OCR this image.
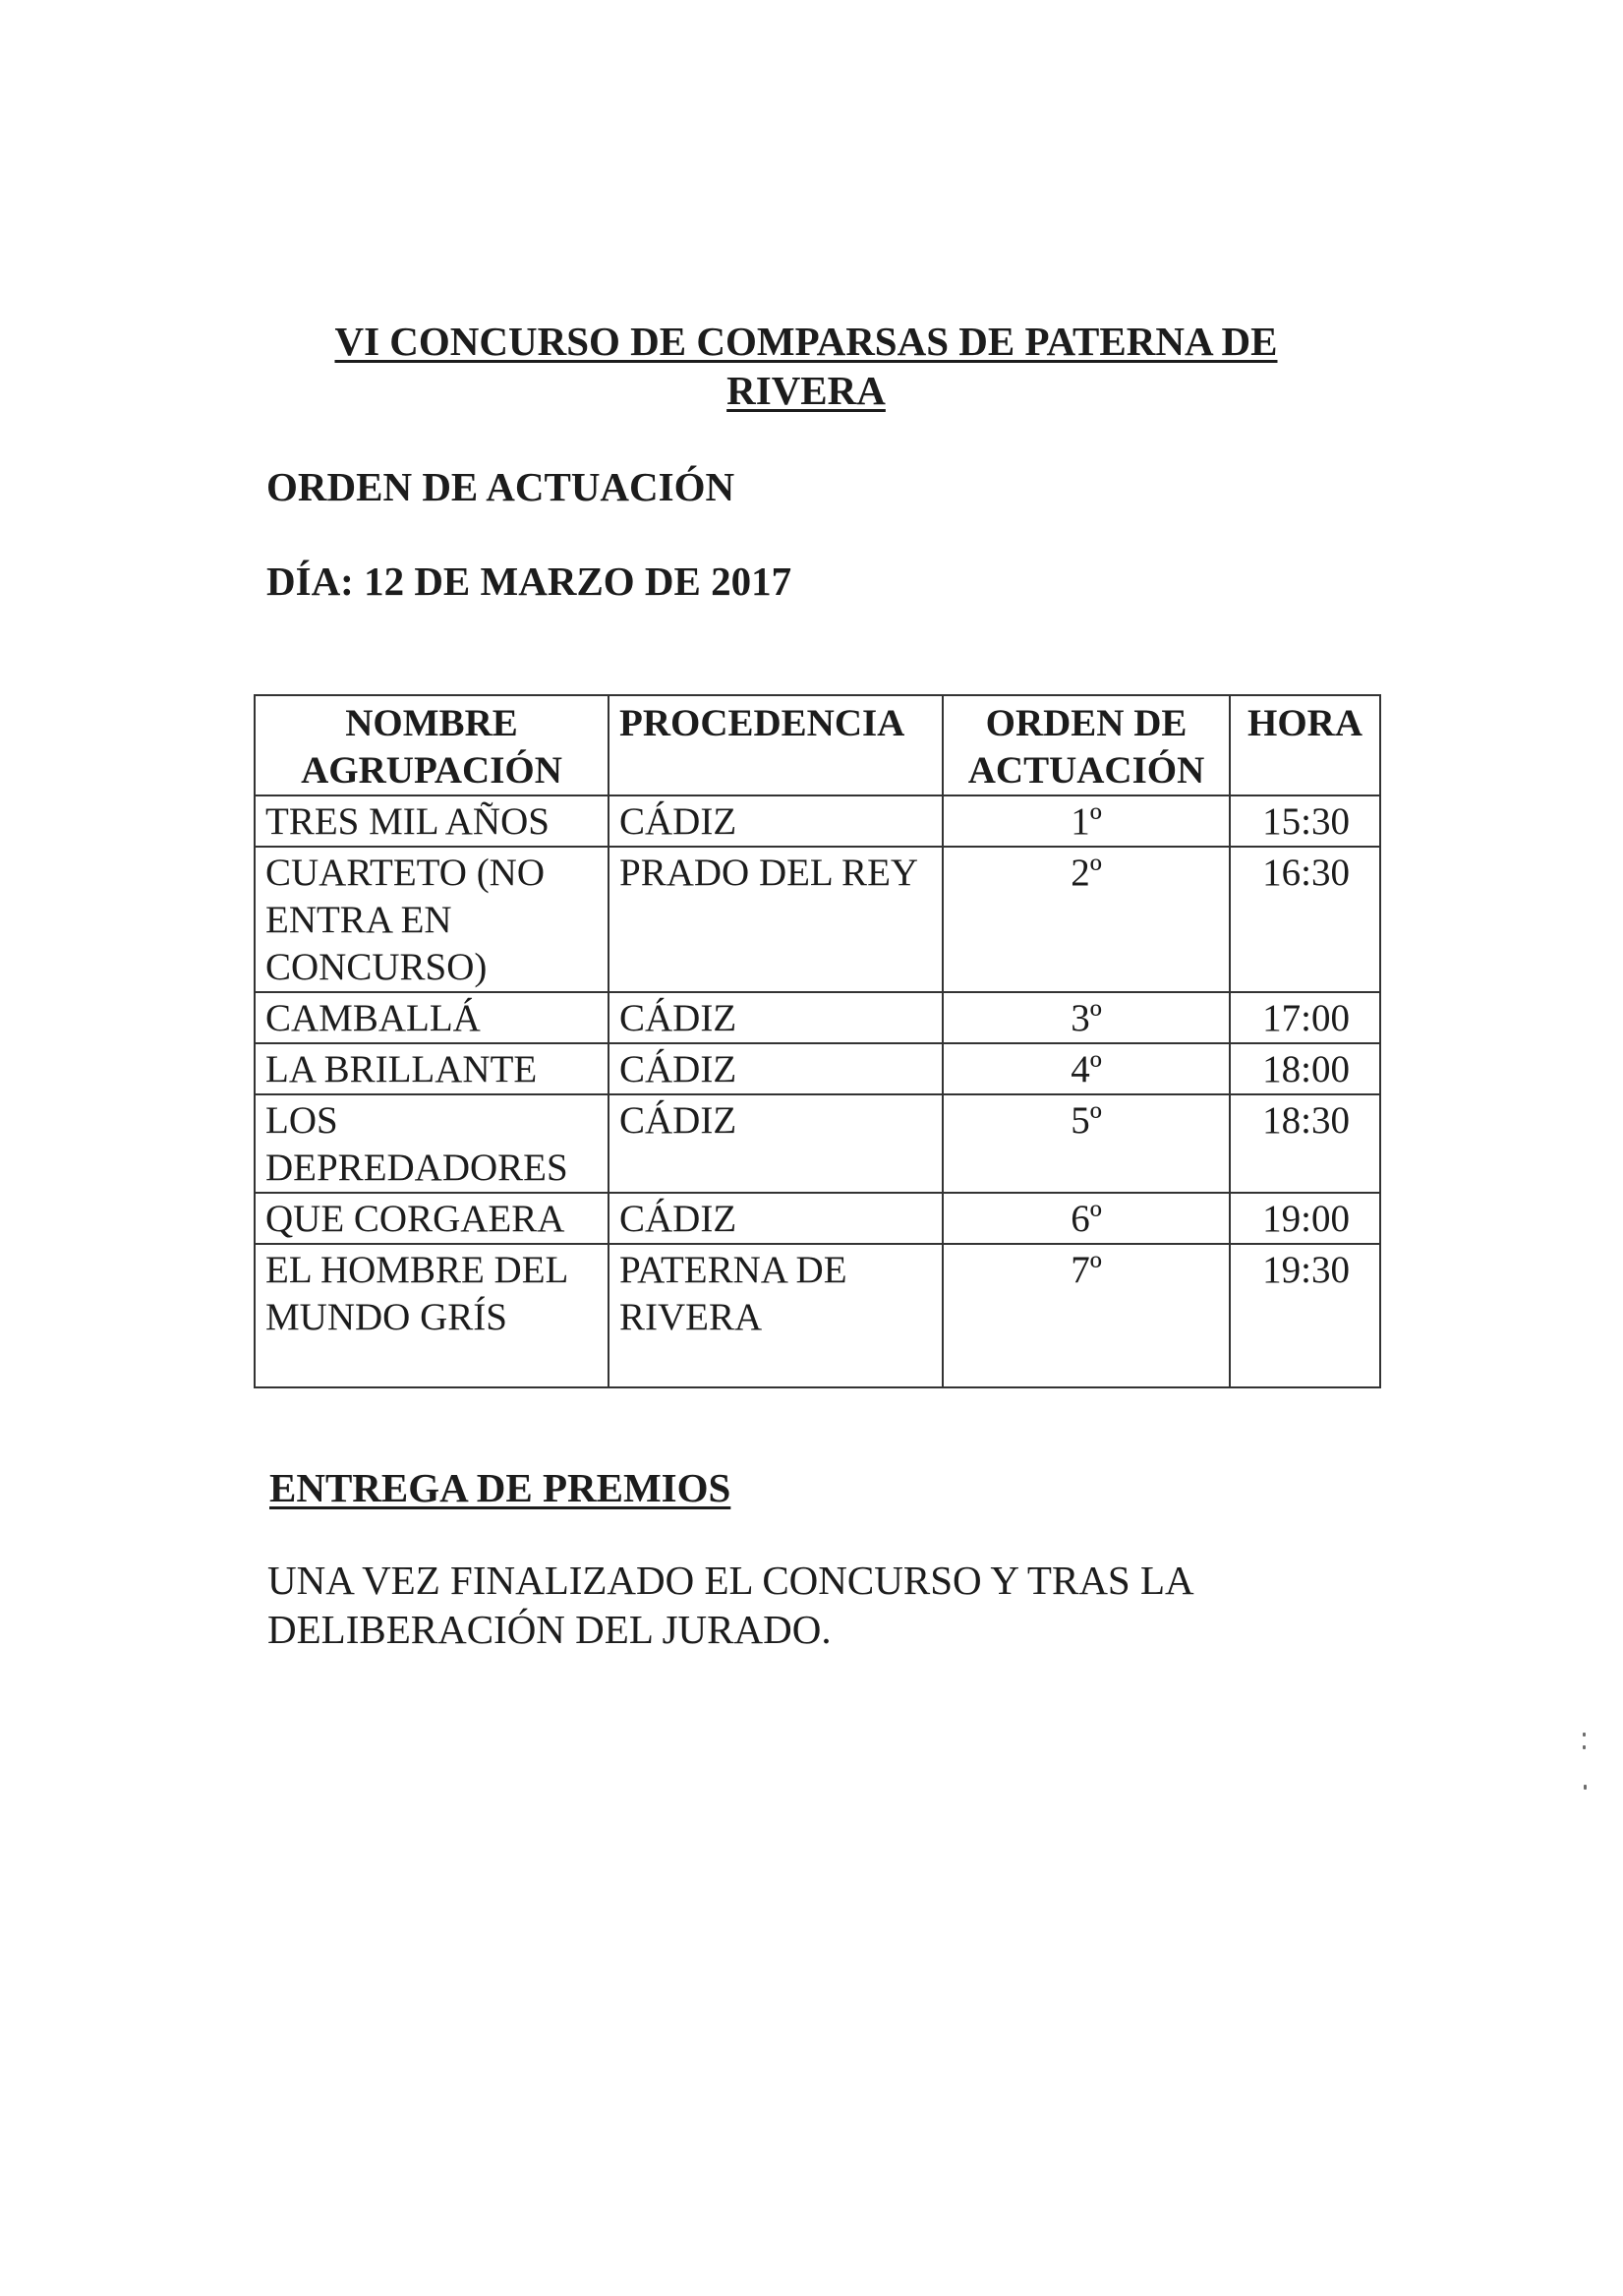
VI CONCURSO DE COMPARSAS DE PATERNA DE
RIVERA
ORDEN DE ACTUACIÓN
DÍA: 12 DE MARZO DE 2017
NOMBRE AGRUPACIÓN	PROCEDENCIA	ORDEN DE ACTUACIÓN	HORA
TRES MIL AÑOS	CÁDIZ	1º	15:30
CUARTETO (NO ENTRA EN CONCURSO)	PRADO DEL REY	2º	16:30
CAMBALLÁ	CÁDIZ	3º	17:00
LA BRILLANTE	CÁDIZ	4º	18:00
LOS DEPREDADORES	CÁDIZ	5º	18:30
QUE CORGAERA	CÁDIZ	6º	19:00
EL HOMBRE DEL MUNDO GRÍS	PATERNA DE RIVERA	7º	19:30
ENTREGA DE PREMIOS
UNA VEZ FINALIZADO EL CONCURSO Y TRAS LA DELIBERACIÓN DEL JURADO.
